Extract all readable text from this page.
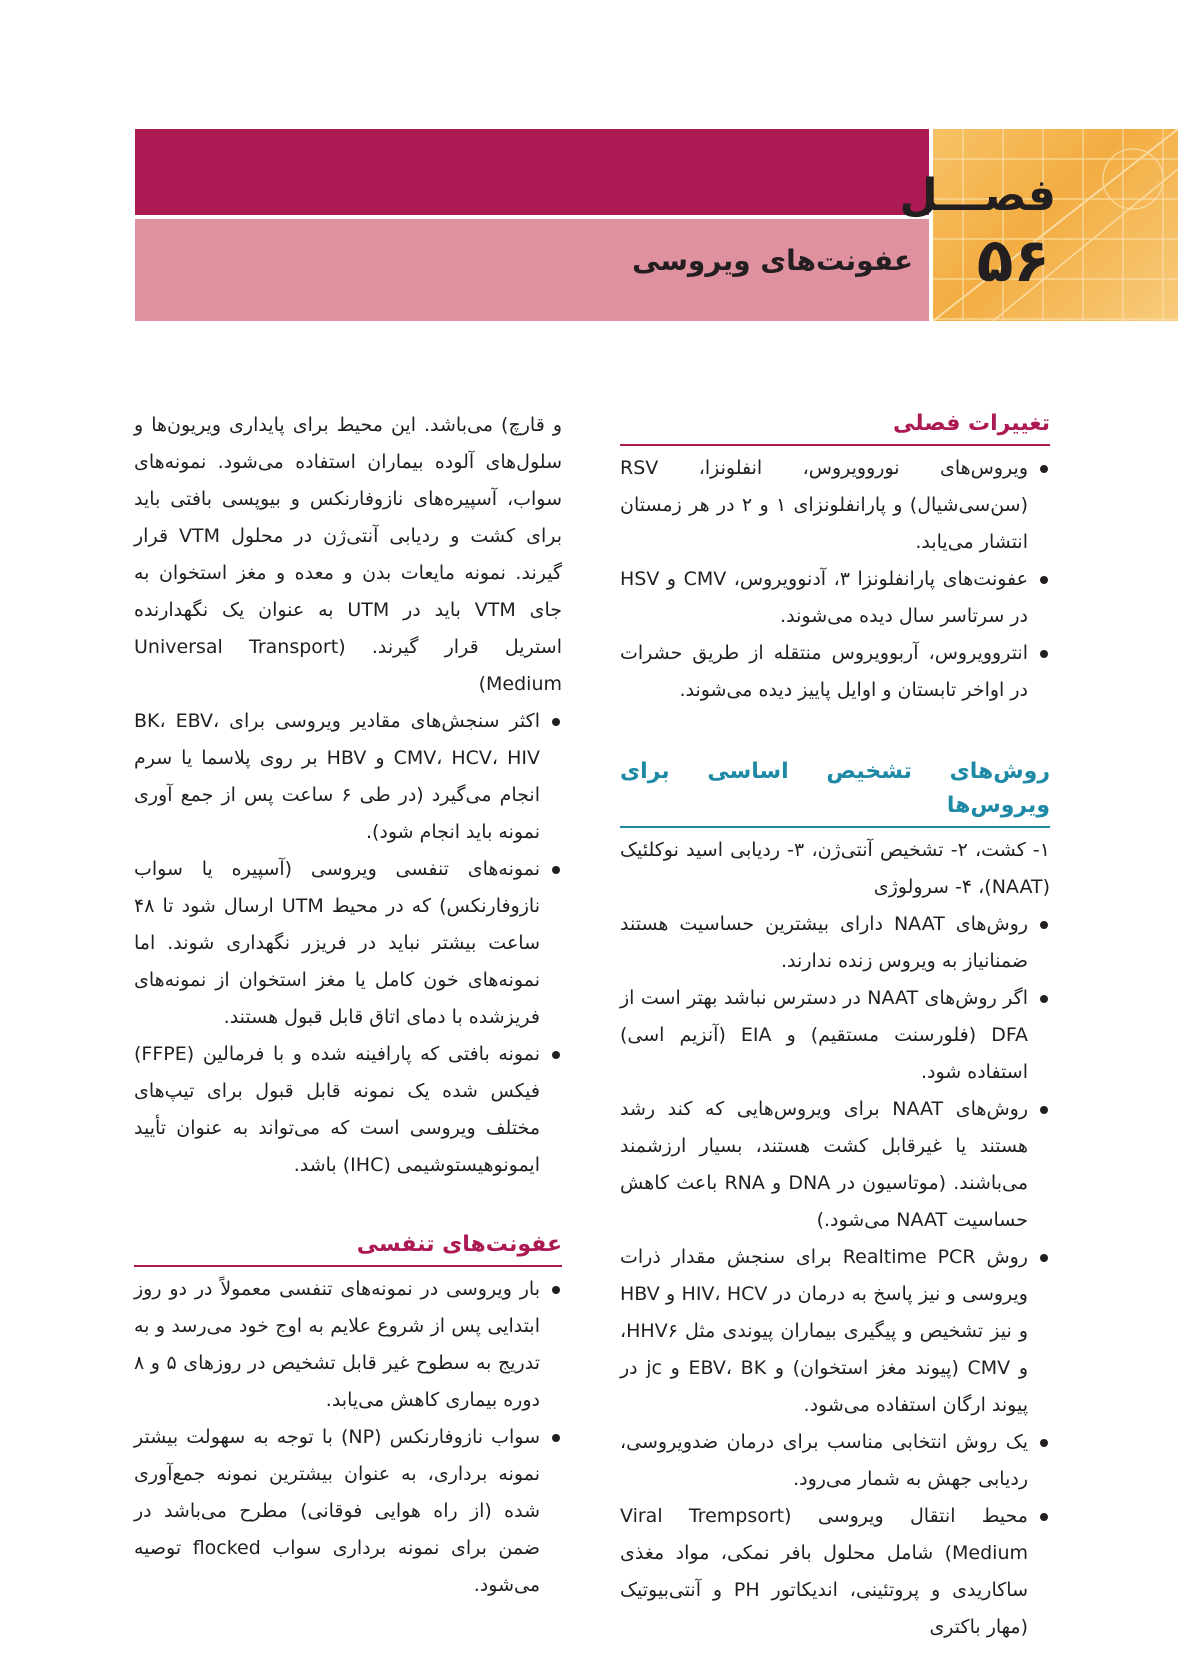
عفونت‌های ویروسی
فصـــل
۵۶
تغییرات فصلی
ویروس‌های نوروویروس، انفلونزا، RSV (سن‌سی‌شیال) و پارانفلونزای ۱ و ۲ در هر زمستان انتشار می‌یابد.
عفونت‌های پارانفلونزا ۳، آدنوویروس، CMV و HSV در سرتاسر سال دیده می‌شوند.
انتروویروس، آربوویروس منتقله از طریق حشرات در اواخر تابستان و اوایل پاییز دیده می‌شوند.
روش‌های تشخیص اساسی برای ویروس‌ها

۱- کشت، ۲- تشخیص آنتی‌ژن، ۳- ردیابی اسید نوکلئیک (NAAT)، ۴- سرولوژی

روش‌های NAAT دارای بیشترین حساسیت هستند ضمنانیاز به ویروس زنده ندارند.
اگر روش‌های NAAT در دسترس نباشد بهتر است از DFA (فلورسنت مستقیم) و EIA (آنزیم اسی) استفاده شود.
روش‌های NAAT برای ویروس‌هایی که کند رشد هستند یا غیرقابل کشت هستند، بسیار ارزشمند می‌باشند. (موتاسیون در DNA و RNA باعث کاهش حساسیت NAAT می‌شود.)
روش Realtime PCR برای سنجش مقدار ذرات ویروسی و نیز پاسخ به درمان در HIV، HCV و HBV و نیز تشخیص و پیگیری بیماران پیوندی مثل HHV۶، و CMV (پیوند مغز استخوان) و EBV، BK و jc در پیوند ارگان استفاده می‌شود.
یک روش انتخابی مناسب برای درمان ضدویروسی، ردیابی جهش به شمار می‌رود.
محیط انتقال ویروسی (Viral Trempsort Medium) شامل محلول بافر نمکی، مواد مغذی ساکاریدی و پروتئینی، اندیکاتور PH و آنتی‌بیوتیک (مهار باکتری

و قارچ) می‌باشد. این محیط برای پایداری ویریون‌ها و سلول‌های آلوده بیماران استفاده می‌شود. نمونه‌های سواب، آسپیره‌های نازوفارنکس و بیوپسی بافتی باید برای کشت و ردیابی آنتی‌ژن در محلول VTM قرار گیرند. نمونه مایعات بدن و معده و مغز استخوان به جای VTM باید در UTM به عنوان یک نگهدارنده استریل قرار گیرند. (Universal Transport Medium)

اکثر سنجش‌های مقادیر ویروسی برای BK، EBV، CMV، HCV، HIV و HBV بر روی پلاسما یا سرم انجام می‌گیرد (در طی ۶ ساعت پس از جمع آوری نمونه باید انجام شود).
نمونه‌های تنفسی ویروسی (آسپیره یا سواب نازوفارنکس) که در محیط UTM ارسال شود تا ۴۸ ساعت بیشتر نباید در فریزر نگهداری شوند. اما نمونه‌های خون کامل یا مغز استخوان از نمونه‌های فریزشده با دمای اتاق قابل قبول هستند.
نمونه بافتی که پارافینه شده و با فرمالین (FFPE) فیکس شده یک نمونه قابل قبول برای تیپ‌های مختلف ویروسی است که می‌تواند به عنوان تأیید ایمونوهیستوشیمی (IHC) باشد.
عفونت‌های تنفسی
بار ویروسی در نمونه‌های تنفسی معمولاً در دو روز ابتدایی پس از شروع علایم به اوج خود می‌رسد و به تدریج به سطوح غیر قابل تشخیص در روزهای ۵ و ۸ دوره بیماری کاهش می‌یابد.
سواب نازوفارنکس (NP) با توجه به سهولت بیشتر نمونه برداری، به عنوان بیشترین نمونه جمع‌آوری شده (از راه هوایی فوقانی) مطرح می‌باشد در ضمن برای نمونه برداری سواب flocked توصیه می‌شود.
